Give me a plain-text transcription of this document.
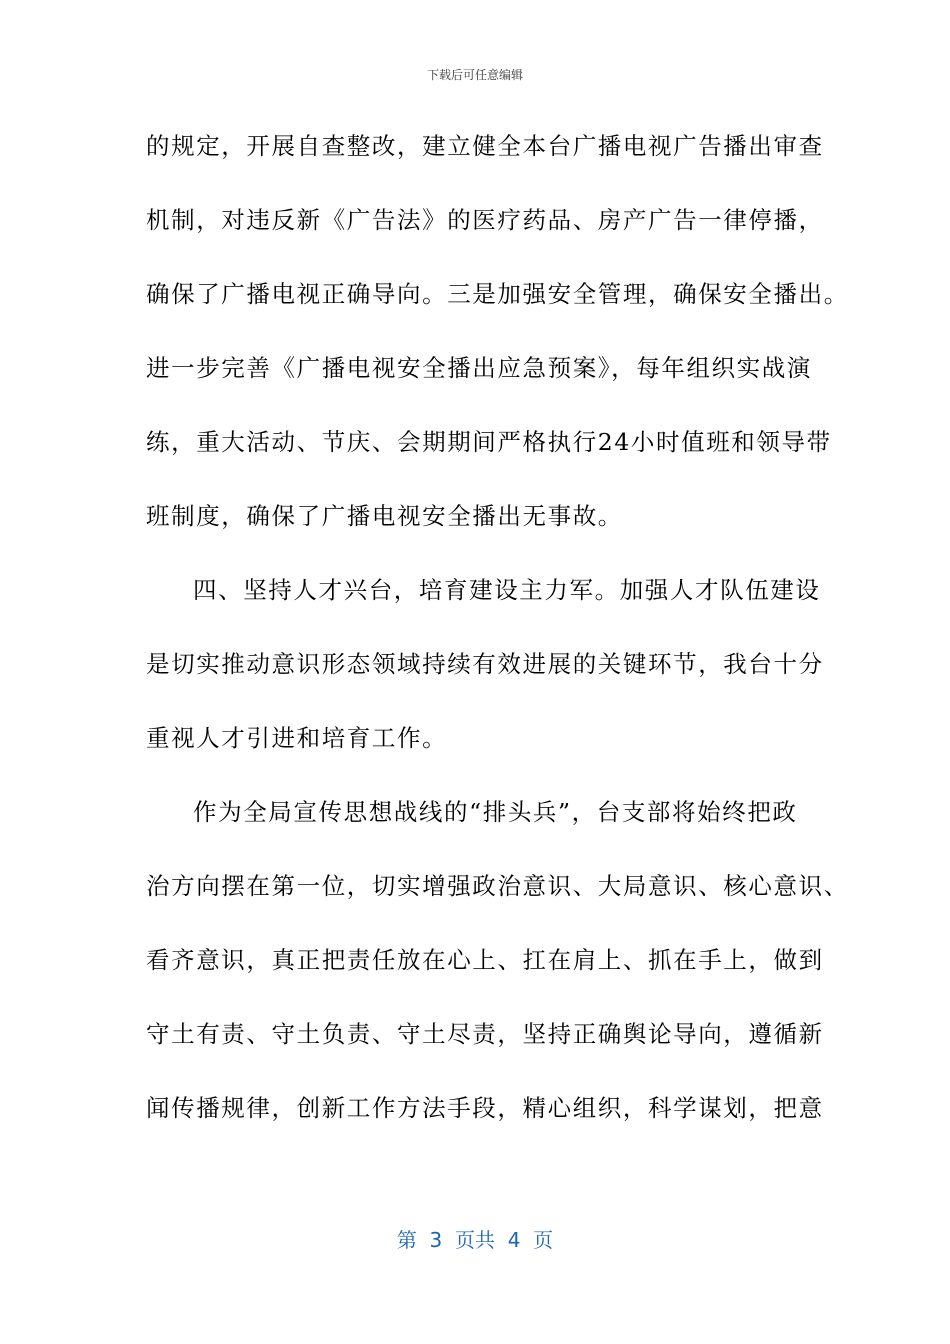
下载后可任意编辑
的规定，开展自查整改，建立健全本台广播电视广告播出审查
机制，对违反新《广告法》的医疗药品、房产广告一律停播，
确保了广播电视正确导向。三是加强安全管理，确保安全播出。
进一步完善《广播电视安全播出应急预案》，每年组织实战演
练，重大活动、节庆、会期期间严格执行24小时值班和领导带
班制度，确保了广播电视安全播出无事故。
四、坚持人才兴台，培育建设主力军。加强人才队伍建设
是切实推动意识形态领域持续有效进展的关键环节，我台十分
重视人才引进和培育工作。
作为全局宣传思想战线的“排头兵”，台支部将始终把政
治方向摆在第一位，切实增强政治意识、大局意识、核心意识、
看齐意识，真正把责任放在心上、扛在肩上、抓在手上，做到
守土有责、守土负责、守土尽责，坚持正确舆论导向，遵循新
闻传播规律，创新工作方法手段，精心组织，科学谋划，把意
第  3  页共  4  页
